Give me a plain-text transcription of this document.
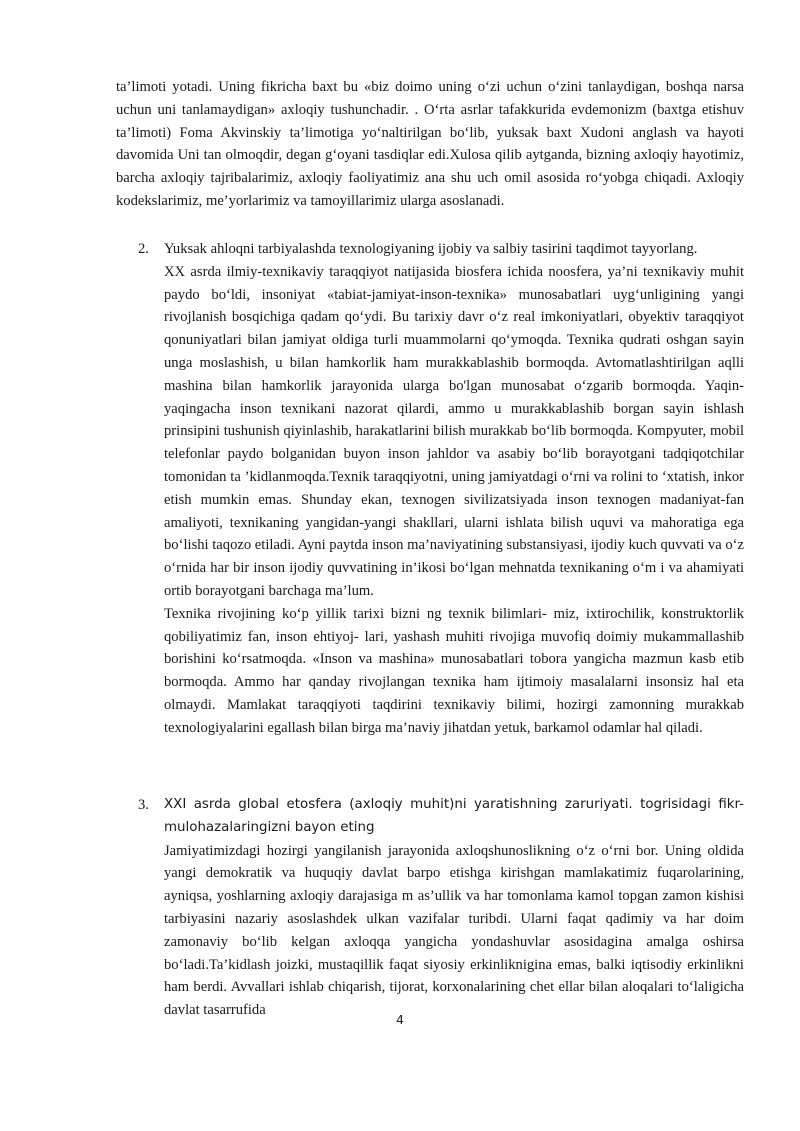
ta’limoti yotadi. Uning fikricha baxt bu «biz doimo uning o‘zi uchun o‘zini tanlaydigan, boshqa narsa uchun uni tanlamaydigan» axloqiy tushunchadir. . O‘rta asrlar tafakkurida evdemonizm (baxtga etishuv ta’limoti) Foma Akvinskiy ta’limotiga yo‘naltirilgan bo‘lib, yuksak baxt Xudoni anglash va hayoti davomida Uni tan olmoqdir, degan g‘oyani tasdiqlar edi.Xulosa qilib aytganda, bizning axloqiy hayotimiz, barcha axloqiy tajribalarimiz, axloqiy faoliyatimiz ana shu uch omil asosida ro‘yobga chiqadi. Axloqiy kodekslarimiz, me’yorlarimiz va tamoyillarimiz ularga asoslanadi.

2.	Yuksak ahloqni tarbiyalashda texnologiyaning ijobiy va salbiy tasirini taqdimot tayyorlang.

XX asrda ilmiy-texnikaviy taraqqiyot natijasida biosfera ichida noosfera, ya’ni texnikaviy muhit paydo bo‘ldi, insoniyat «tabiat-jamiyat-inson-texnika» munosabatlari uyg‘unligining yangi rivojlanish bosqichiga qadam qo‘ydi. Bu tarixiy davr o‘z real imkoniyatlari, obyektiv taraqqiyot qonuniyatlari bilan jamiyat oldiga turli muammolarni qo‘ymoqda. Texnika qudrati oshgan sayin unga moslashish, u bilan hamkorlik ham murakkablashib bormoqda. Avtomatlashtirilgan aqlli mashina bilan hamkorlik jarayonida ularga bo'lgan munosabat o‘zgarib bormoqda. Yaqin-yaqingacha inson texnikani nazorat qilardi, ammo u murakkablashib borgan sayin ishlash prinsipini tushunish qiyinlashib, harakatlarini bilish murakkab bo‘lib bormoqda. Kompyuter, mobil telefonlar paydo bolganidan buyon inson jahldor va asabiy bo‘lib borayotgani tadqiqotchilar tomonidan ta ’kidlanmoqda.Texnik taraqqiyotni, uning jamiyatdagi o‘rni va rolini to ‘xtatish, inkor etish mumkin emas. Shunday ekan, texnogen sivilizatsiyada inson texnogen madaniyat-fan amaliyoti, texnikaning yangidan-yangi shakllari, ularni ishlata bilish uquvi va mahoratiga ega bo‘lishi taqozo etiladi. Ayni paytda inson ma’naviyatining substansiyasi, ijodiy kuch quvvati va o‘z o‘rnida har bir inson ijodiy quvvatining in’ikosi bo‘lgan mehnatda texnikaning o‘m i va ahamiyati ortib borayotgani barchaga ma’lum.

Texnika rivojining ko‘p yillik tarixi bizni ng texnik bilimlari- miz, ixtirochilik, konstruktorlik qobiliyatimiz fan, inson ehtiyoj- lari, yashash muhiti rivojiga muvofiq doimiy mukammallashib borishini ko‘rsatmoqda. «Inson va mashina» munosabatlari tobora yangicha mazmun kasb etib bormoqda. Ammo har qanday rivojlangan texnika ham ijtimoiy masalalarni insonsiz hal eta olmaydi. Mamlakat taraqqiyoti taqdirini texnikaviy bilimi, hozirgi zamonning murakkab texnologiyalarini egallash bilan birga ma’naviy jihatdan yetuk, barkamol odamlar hal qiladi.

3.	XXI asrda global etosfera (axloqiy muhit)ni yaratishning zaruriyati. togrisidagi fikr-mulohazalaringizni bayon eting

Jamiyatimizdagi hozirgi yangilanish jarayonida axloqshunoslikning o‘z o‘rni bor. Uning oldida yangi demokratik va huquqiy davlat barpo etishga kirishgan mamlakatimiz fuqarolarining, ayniqsa, yoshlarning axloqiy darajasiga m as’ullik va har tomonlama kamol topgan zamon kishisi tarbiyasini nazariy asoslashdek ulkan vazifalar turibdi. Ularni faqat qadimiy va har doim zamonaviy bo‘lib kelgan axloqqa yangicha yondashuvlar asosidagina amalga oshirsa bo‘ladi.Ta’kidlash joizki, mustaqillik faqat siyosiy erkinliknigina emas, balki iqtisodiy erkinlikni ham berdi. Avvallari ishlab chiqarish, tijorat, korxonalarining chet ellar bilan aloqalari to‘laligicha davlat tasarrufida

4
